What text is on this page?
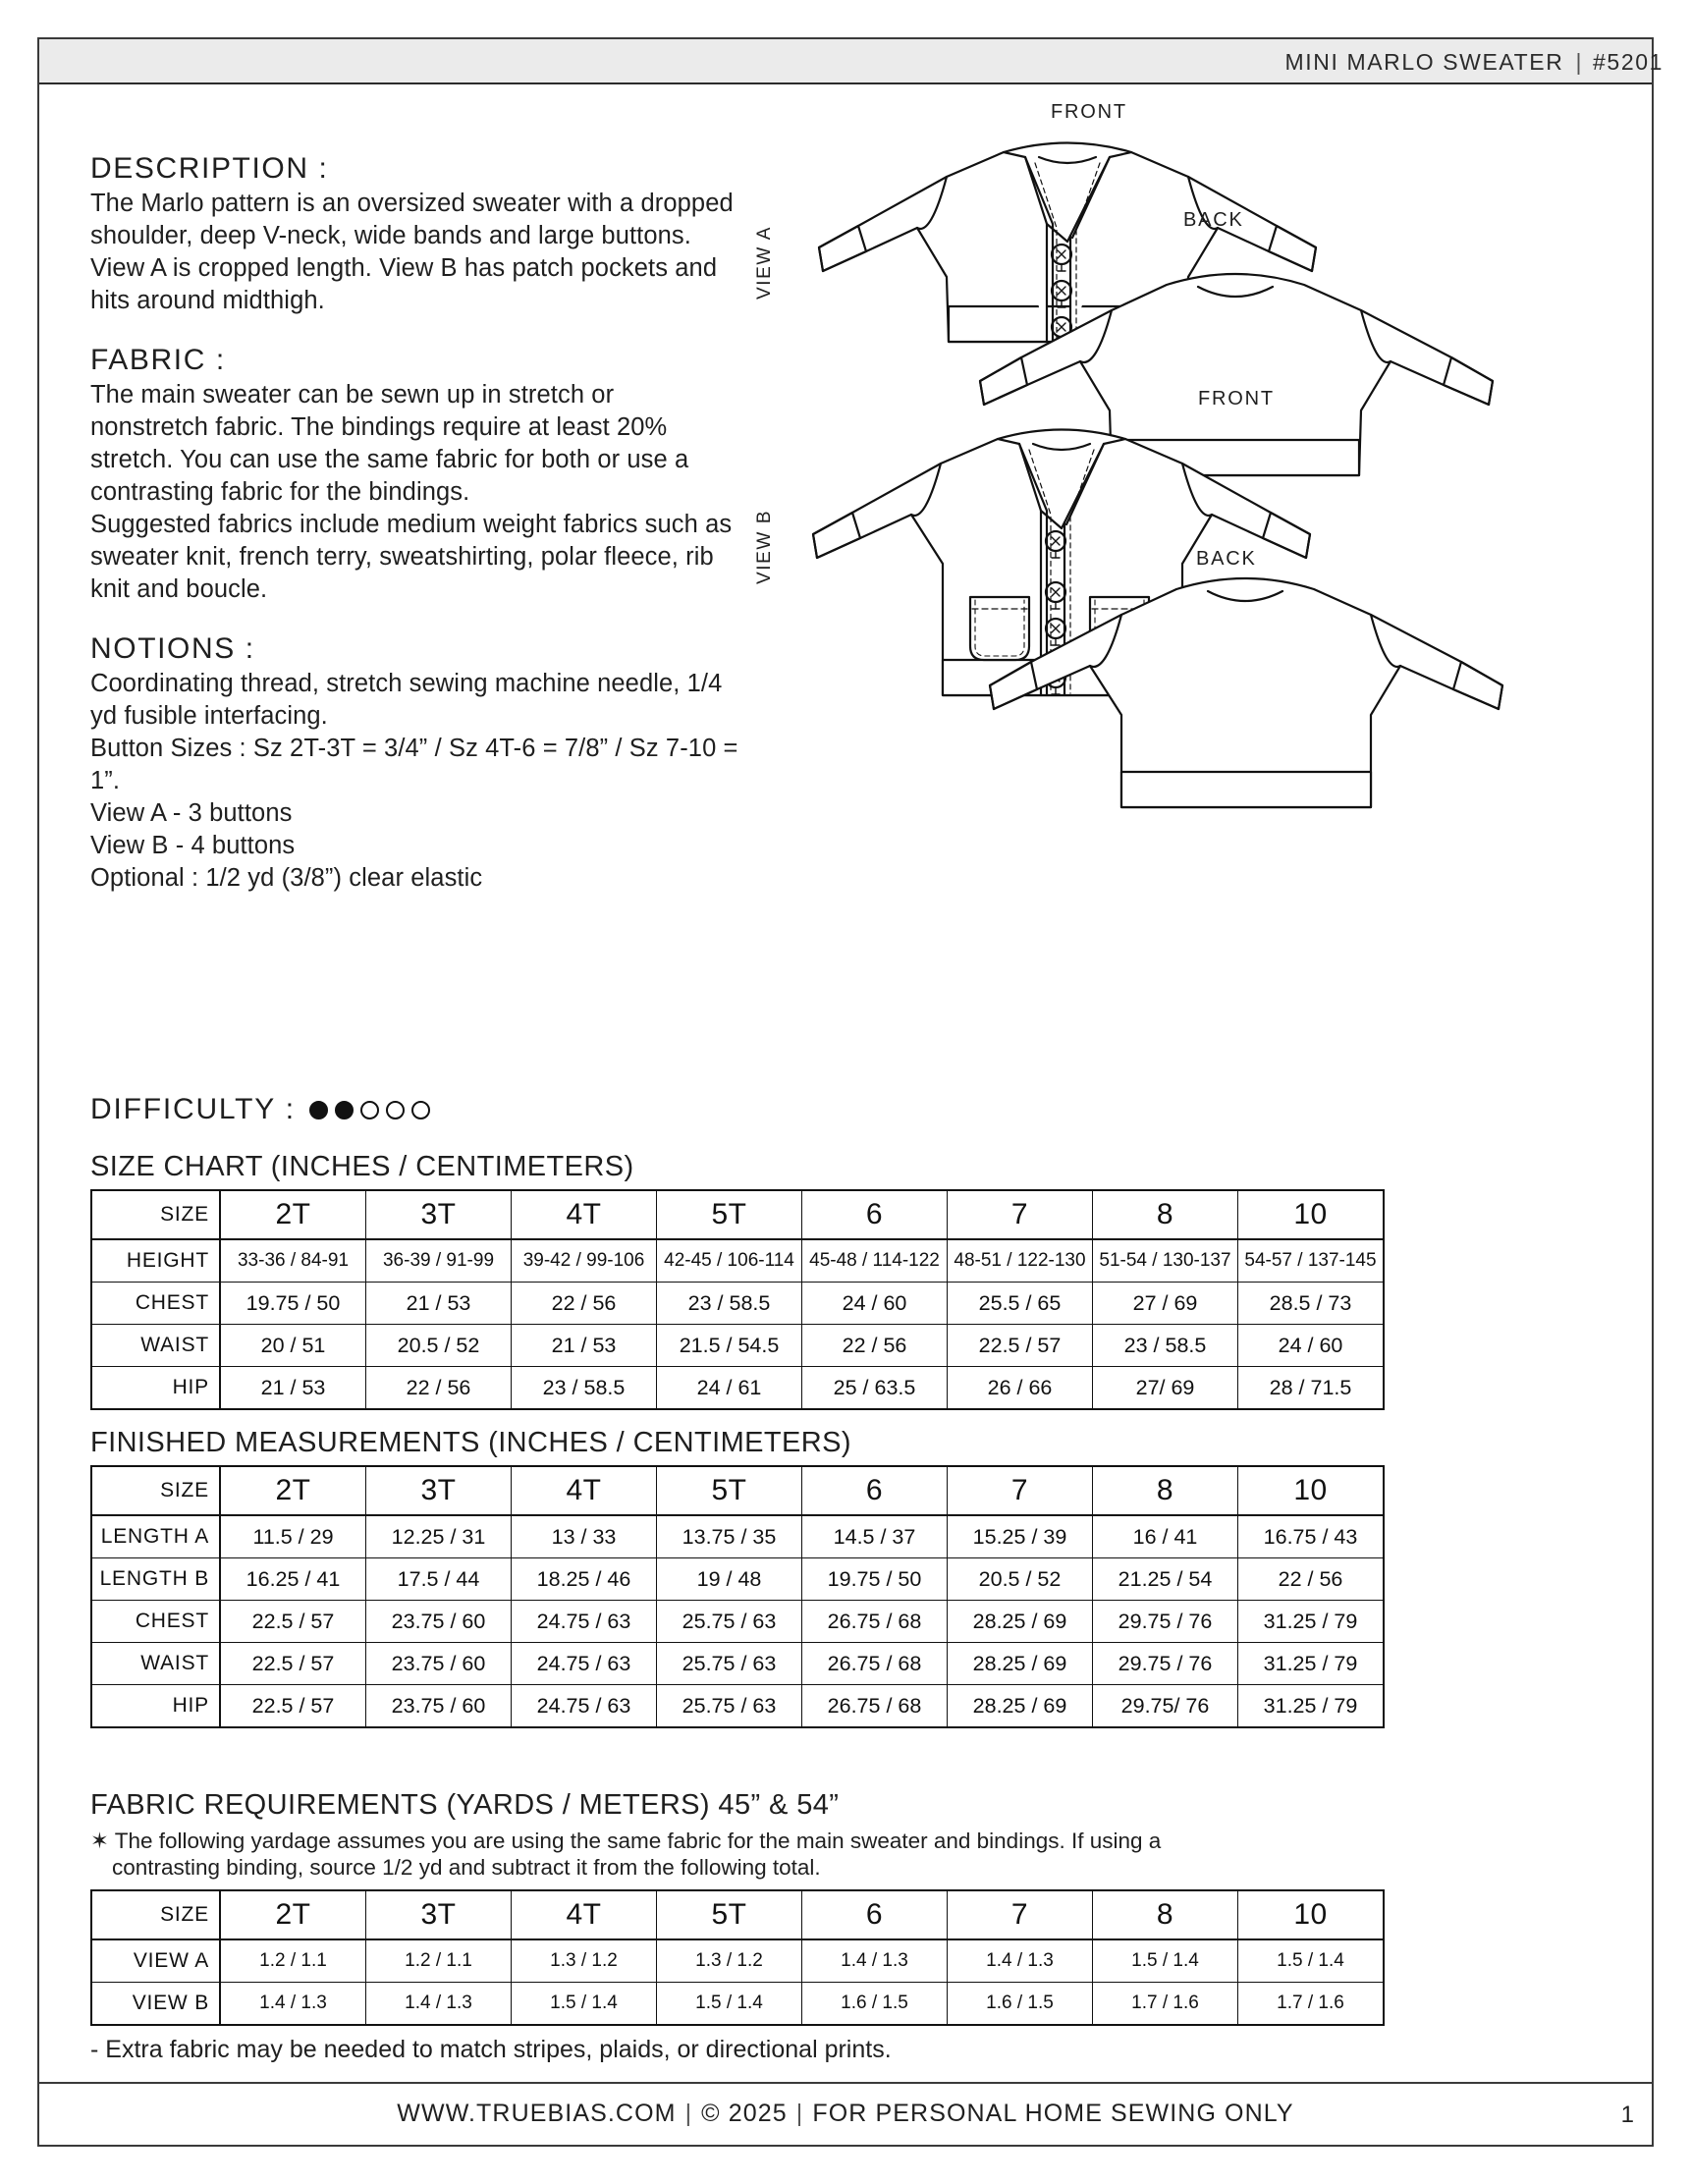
MINI MARLO SWEATER | #5201
DESCRIPTION :
The Marlo pattern is an oversized sweater with a dropped shoulder, deep V-neck, wide bands and large buttons. View A is cropped length. View B has patch pockets and hits around midthigh.
FABRIC :
The main sweater can be sewn up in stretch or nonstretch fabric. The bindings require at least 20% stretch. You can use the same fabric for both or use a contrasting fabric for the bindings.
Suggested fabrics include medium weight fabrics such as sweater knit, french terry, sweatshirting, polar fleece, rib knit and boucle.
NOTIONS :

Coordinating thread, stretch sewing machine needle, 1/4 yd fusible interfacing.

Button Sizes : Sz 2T-3T = 3/4” / Sz 4T-6 = 7/8” / Sz 7-10 = 1”.

View A - 3 buttons

View B - 4 buttons

Optional : 1/2 yd (3/8”) clear elastic

DIFFICULTY :
VIEW A
VIEW B
FRONT
BACK
FRONT
BACK
SIZE CHART (INCHES / CENTIMETERS)
SIZE	2T	3T	4T	5T	6	7	8	10
HEIGHT	33-36 / 84-91	36-39 / 91-99	39-42 / 99-106	42-45 / 106-114	45-48 / 114-122	48-51 / 122-130	51-54 / 130-137	54-57 / 137-145
CHEST	19.75 / 50	21 / 53	22 / 56	23 / 58.5	24 / 60	25.5 / 65	27 / 69	28.5 / 73
WAIST	20 / 51	20.5 / 52	21 / 53	21.5 / 54.5	22 / 56	22.5 / 57	23 / 58.5	24 / 60
HIP	21 / 53	22 / 56	23 / 58.5	24 / 61	25 / 63.5	26 / 66	27/ 69	28 / 71.5
FINISHED MEASUREMENTS (INCHES / CENTIMETERS)
SIZE	2T	3T	4T	5T	6	7	8	10
LENGTH A	11.5 / 29	12.25 / 31	13 / 33	13.75 / 35	14.5 / 37	15.25 / 39	16 / 41	16.75 / 43
LENGTH B	16.25 / 41	17.5 / 44	18.25 / 46	19 / 48	19.75 / 50	20.5 / 52	21.25 / 54	22 / 56
CHEST	22.5 / 57	23.75 / 60	24.75 / 63	25.75 / 63	26.75 / 68	28.25 / 69	29.75 / 76	31.25 / 79
WAIST	22.5 / 57	23.75 / 60	24.75 / 63	25.75 / 63	26.75 / 68	28.25 / 69	29.75 / 76	31.25 / 79
HIP	22.5 / 57	23.75 / 60	24.75 / 63	25.75 / 63	26.75 / 68	28.25 / 69	29.75/ 76	31.25 / 79
FABRIC REQUIREMENTS (YARDS / METERS) 45” & 54”
✶ The following yardage assumes you are using the same fabric for the main sweater and bindings. If using a
contrasting binding, source 1/2 yd and subtract it from the following total.
SIZE	2T	3T	4T	5T	6	7	8	10
VIEW A	1.2 / 1.1	1.2 / 1.1	1.3 / 1.2	1.3 / 1.2	1.4 / 1.3	1.4 / 1.3	1.5 / 1.4	1.5 / 1.4
VIEW B	1.4 / 1.3	1.4 / 1.3	1.5 / 1.4	1.5 / 1.4	1.6 / 1.5	1.6 / 1.5	1.7 / 1.6	1.7 / 1.6
- Extra fabric may be needed to match stripes, plaids, or directional prints.
WWW.TRUEBIAS.COM | © 2025 | FOR PERSONAL HOME SEWING ONLY	1
